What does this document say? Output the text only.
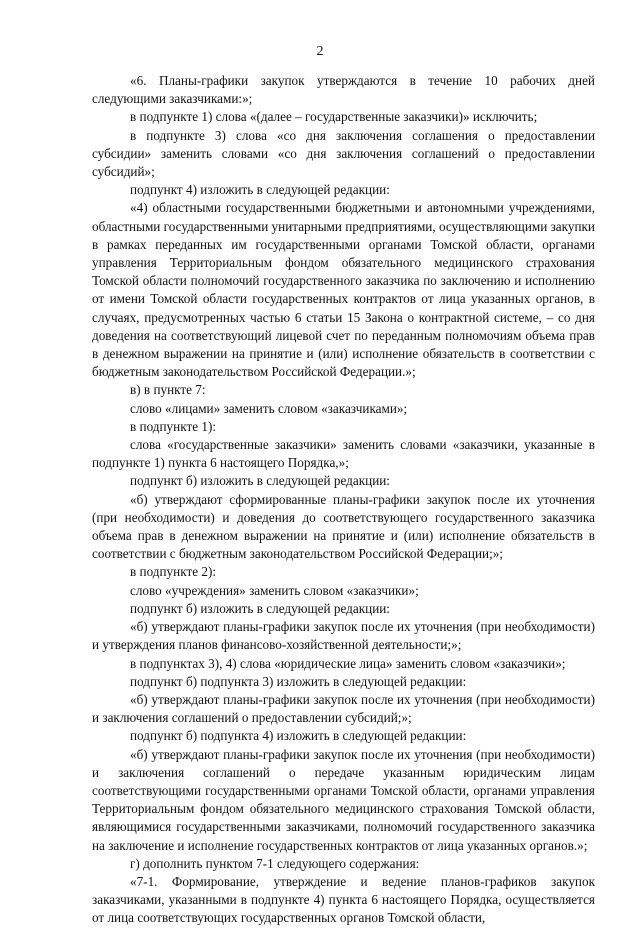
2

«6. Планы-графики закупок утверждаются в течение 10 рабочих дней следующими заказчиками:»;

в подпункте 1) слова «(далее – государственные заказчики)» исключить;

в подпункте 3) слова «со дня заключения соглашения о предоставлении субсидии» заменить словами «со дня заключения соглашений о предоставлении субсидий»;

подпункт 4) изложить в следующей редакции:

«4) областными государственными бюджетными и автономными учреждениями, областными государственными унитарными предприятиями, осуществляющими закупки в рамках переданных им государственными органами Томской области, органами управления Территориальным фондом обязательного медицинского страхования Томской области полномочий государственного заказчика по заключению и исполнению от имени Томской области государственных контрактов от лица указанных органов, в случаях, предусмотренных частью 6 статьи 15 Закона о контрактной системе, – со дня доведения на соответствующий лицевой счет по переданным полномочиям объема прав в денежном выражении на принятие и (или) исполнение обязательств в соответствии с бюджетным законодательством Российской Федерации.»;

в) в пункте 7:

слово «лицами» заменить словом «заказчиками»;

в подпункте 1):

слова «государственные заказчики» заменить словами «заказчики, указанные в подпункте 1) пункта 6 настоящего Порядка,»;

подпункт б) изложить в следующей редакции:

«б) утверждают сформированные планы-графики закупок после их уточнения (при необходимости) и доведения до соответствующего государственного заказчика объема прав в денежном выражении на принятие и (или) исполнение обязательств в соответствии с бюджетным законодательством Российской Федерации;»;

в подпункте 2):

слово «учреждения» заменить словом «заказчики»;

подпункт б) изложить в следующей редакции:

«б) утверждают планы-графики закупок после их уточнения (при необходимости) и утверждения планов финансово-хозяйственной деятельности;»;

в подпунктах 3), 4) слова «юридические лица» заменить словом «заказчики»;

подпункт б) подпункта 3) изложить в следующей редакции:

«б) утверждают планы-графики закупок после их уточнения (при необходимости) и заключения соглашений о предоставлении субсидий;»;

подпункт б) подпункта 4) изложить в следующей редакции:

«б) утверждают планы-графики закупок после их уточнения (при необходимости) и заключения соглашений о передаче указанным юридическим лицам соответствующими государственными органами Томской области, органами управления Территориальным фондом обязательного медицинского страхования Томской области, являющимися государственными заказчиками, полномочий государственного заказчика на заключение и исполнение государственных контрактов от лица указанных органов.»;

г) дополнить пунктом 7-1 следующего содержания:

«7-1. Формирование, утверждение и ведение планов-графиков закупок заказчиками, указанными в подпункте 4) пункта 6 настоящего Порядка, осуществляется от лица соответствующих государственных органов Томской области,
